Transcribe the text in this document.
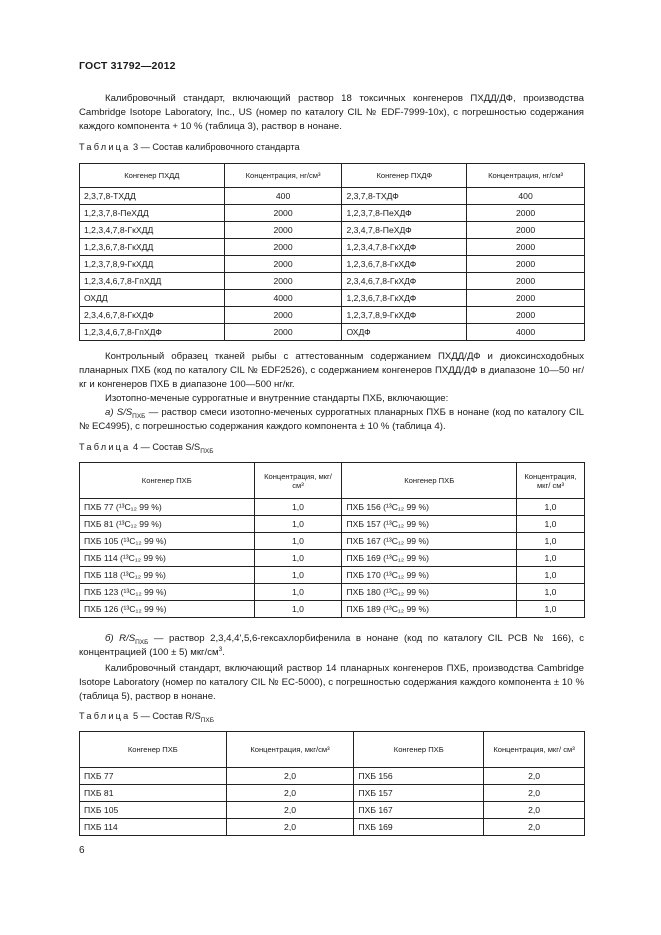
ГОСТ 31792—2012
Калибровочный стандарт, включающий раствор 18 токсичных конгенеров ПХДД/ДФ, производства Cambridge Isotope Laboratory, Inc., US (номер по каталогу CIL № EDF-7999-10x), с погрешностью содержания каждого компонента + 10 % (таблица 3), раствор в нонане.
Таблица 3 — Состав калибровочного стандарта
Конгенер ПХДД	Концентрация, нг/см³	Конгенер ПХДФ	Концентрация, нг/см³
2,3,7,8-ТХДД	400	2,3,7,8-ТХДФ	400
1,2,3,7,8-ПеХДД	2000	1,2,3,7,8-ПеХДФ	2000
1,2,3,4,7,8-ГкХДД	2000	2,3,4,7,8-ПеХДФ	2000
1,2,3,6,7,8-ГкХДД	2000	1,2,3,4,7,8-ГкХДФ	2000
1,2,3,7,8,9-ГкХДД	2000	1,2,3,6,7,8-ГкХДФ	2000
1,2,3,4,6,7,8-ГпХДД	2000	2,3,4,6,7,8-ГкХДФ	2000
ОХДД	4000	1,2,3,6,7,8-ГкХДФ	2000
2,3,4,6,7,8-ГкХДФ	2000	1,2,3,7,8,9-ГкХДФ	2000
1,2,3,4,6,7,8-ГпХДФ	2000	ОХДФ	4000
Контрольный образец тканей рыбы с аттестованным содержанием ПХДД/ДФ и диоксинсходобных планарных ПХБ (код по каталогу CIL № EDF2526), с содержанием конгенеров ПХДД/ДФ в диапазоне 10—50 нг/кг и конгенеров ПХБ в диапазоне 100—500 нг/кг.
Изотопно-меченые суррогатные и внутренние стандарты ПХБ, включающие:
а) $S/S_{ПХБ}$ — раствор смеси изотопно-меченых суррогатных планарных ПХБ в нонане (код по каталогу CIL № EC4995), с погрешностью содержания каждого компонента ± 10 % (таблица 4).
Таблица 4 — Состав $S/S_{ПХБ}$
Конгенер ПХБ	Концентрация, мкг/см³	Конгенер ПХБ	Концентрация, мкг/ см³
ПХБ 77 (¹³C₁₂ 99 %)	1,0	ПХБ 156 (¹³C₁₂ 99 %)	1,0
ПХБ 81 (¹³C₁₂ 99 %)	1,0	ПХБ 157 (¹³C₁₂ 99 %)	1,0
ПХБ 105 (¹³C₁₂ 99 %)	1,0	ПХБ 167 (¹³C₁₂ 99 %)	1,0
ПХБ 114 (¹³C₁₂ 99 %)	1,0	ПХБ 169 (¹³C₁₂ 99 %)	1,0
ПХБ 118 (¹³C₁₂ 99 %)	1,0	ПХБ 170 (¹³C₁₂ 99 %)	1,0
ПХБ 123 (¹³C₁₂ 99 %)	1,0	ПХБ 180 (¹³C₁₂ 99 %)	1,0
ПХБ 126 (¹³C₁₂ 99 %)	1,0	ПХБ 189 (¹³C₁₂ 99 %)	1,0
б) $R/S_{ПХБ}$ — раствор 2,3,4,4',5,6-гексахлорбифенила в нонане (код по каталогу CIL PCB № 166), с концентрацией (100 ± 5) мкг/$см^3$.
Калибровочный стандарт, включающий раствор 14 планарных конгенеров ПХБ, производства Cambridge Isotope Laboratory (номер по каталогу CIL № EC-5000), с погрешностью содержания каждого компонента ± 10 % (таблица 5), раствор в нонане.
Таблица 5 — Состав $R/S_{ПХБ}$
Конгенер ПХБ	Концентрация, мкг/см³	Конгенер ПХБ	Концентрация, мкг/ см³
ПХБ 77	2,0	ПХБ 156	2,0
ПХБ 81	2,0	ПХБ 157	2,0
ПХБ 105	2,0	ПХБ 167	2,0
ПХБ 114	2,0	ПХБ 169	2,0
6
